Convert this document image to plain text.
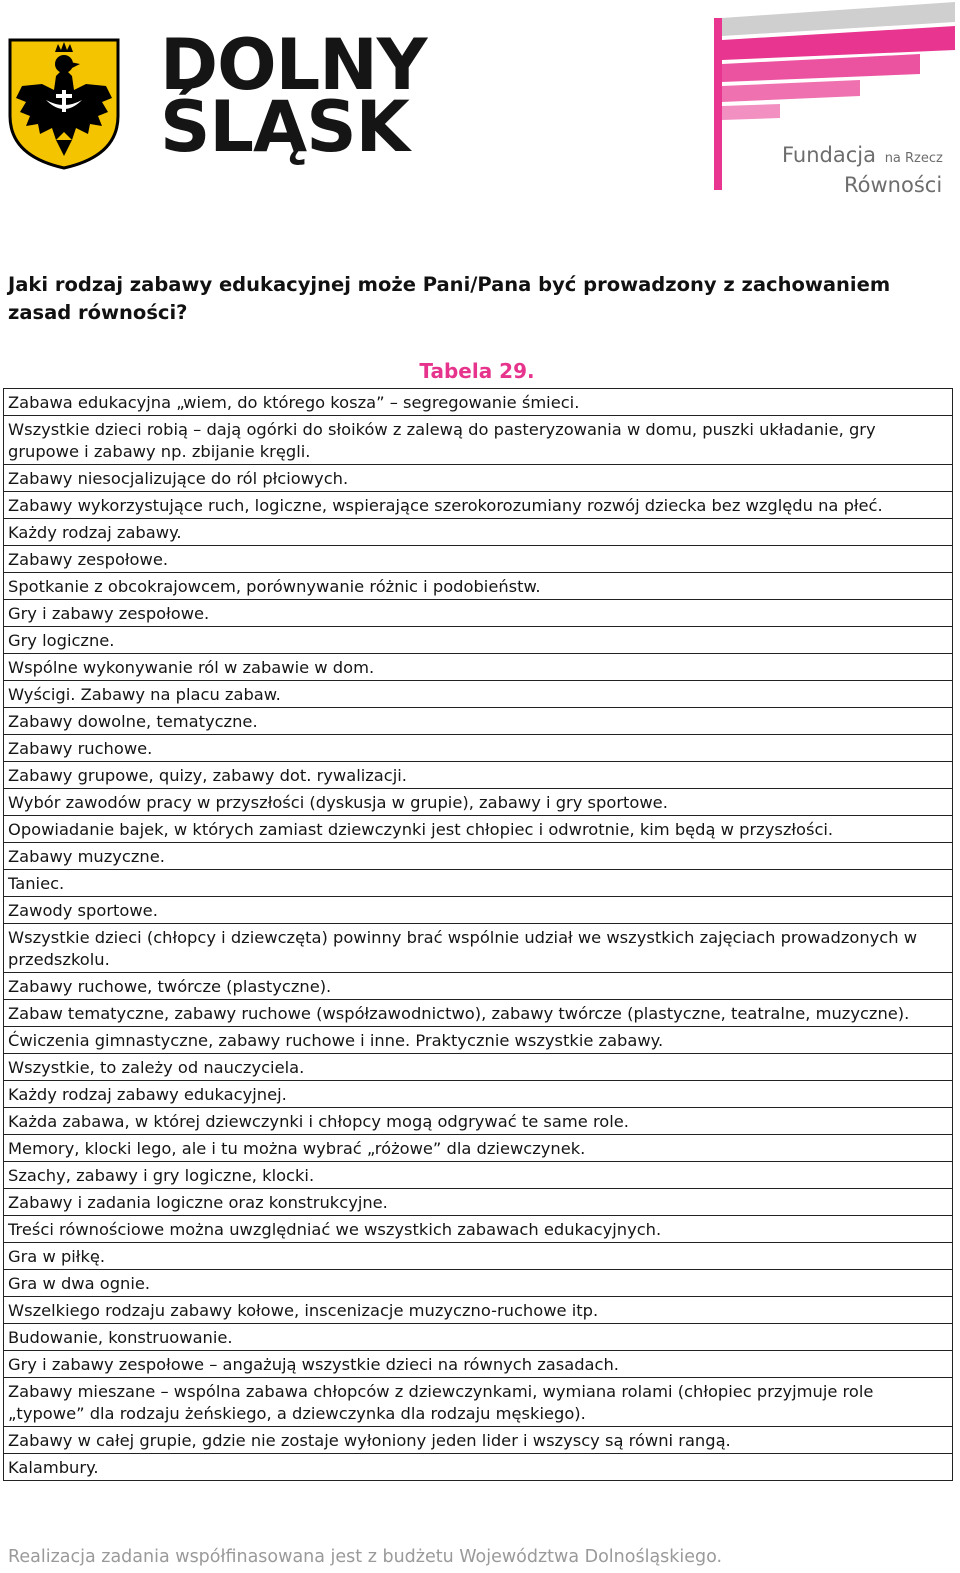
DOLNY
ŚLĄSK	Fundacja na Rzecz
Równości
Jaki rodzaj zabawy edukacyjnej może Pani/Pana być prowadzony z zachowaniem zasad równości?
Tabela 29.
Zabawa edukacyjna „wiem, do którego kosza” – segregowanie śmieci.
Wszystkie dzieci robią – dają ogórki do słoików z zalewą do pasteryzowania w domu, puszki układanie, gry grupowe i zabawy np. zbijanie kręgli.
Zabawy niesocjalizujące do ról płciowych.
Zabawy wykorzystujące ruch, logiczne, wspierające szerokorozumiany rozwój dziecka bez względu na płeć.
Każdy rodzaj zabawy.
Zabawy zespołowe.
Spotkanie z obcokrajowcem, porównywanie różnic i podobieństw.
Gry i zabawy zespołowe.
Gry logiczne.
Wspólne wykonywanie ról w zabawie w dom.
Wyścigi. Zabawy na placu zabaw.
Zabawy dowolne, tematyczne.
Zabawy ruchowe.
Zabawy grupowe, quizy, zabawy dot. rywalizacji.
Wybór zawodów pracy w przyszłości (dyskusja w grupie), zabawy i gry sportowe.
Opowiadanie bajek, w których zamiast dziewczynki jest chłopiec i odwrotnie, kim będą w przyszłości.
Zabawy muzyczne.
Taniec.
Zawody sportowe.
Wszystkie dzieci (chłopcy i dziewczęta) powinny brać wspólnie udział we wszystkich zajęciach prowadzonych w przedszkolu.
Zabawy ruchowe, twórcze (plastyczne).
Zabaw tematyczne, zabawy ruchowe (współzawodnictwo), zabawy twórcze (plastyczne, teatralne, muzyczne).
Ćwiczenia gimnastyczne, zabawy ruchowe i inne. Praktycznie wszystkie zabawy.
Wszystkie, to zależy od nauczyciela.
Każdy rodzaj zabawy edukacyjnej.
Każda zabawa, w której dziewczynki i chłopcy mogą odgrywać te same role.
Memory, klocki lego, ale i tu można wybrać „różowe” dla dziewczynek.
Szachy, zabawy i gry logiczne, klocki.
Zabawy i zadania logiczne oraz konstrukcyjne.
Treści równościowe można uwzględniać we wszystkich zabawach edukacyjnych.
Gra w piłkę.
Gra w dwa ognie.
Wszelkiego rodzaju zabawy kołowe, inscenizacje muzyczno-ruchowe itp.
Budowanie, konstruowanie.
Gry i zabawy zespołowe – angażują wszystkie dzieci na równych zasadach.
Zabawy mieszane – wspólna zabawa chłopców z dziewczynkami, wymiana rolami (chłopiec przyjmuje role „typowe” dla rodzaju żeńskiego, a dziewczynka dla rodzaju męskiego).
Zabawy w całej grupie, gdzie nie zostaje wyłoniony jeden lider i wszyscy są równi rangą.
Kalambury.
Realizacja zadania współfinasowana jest z budżetu Województwa Dolnośląskiego.
